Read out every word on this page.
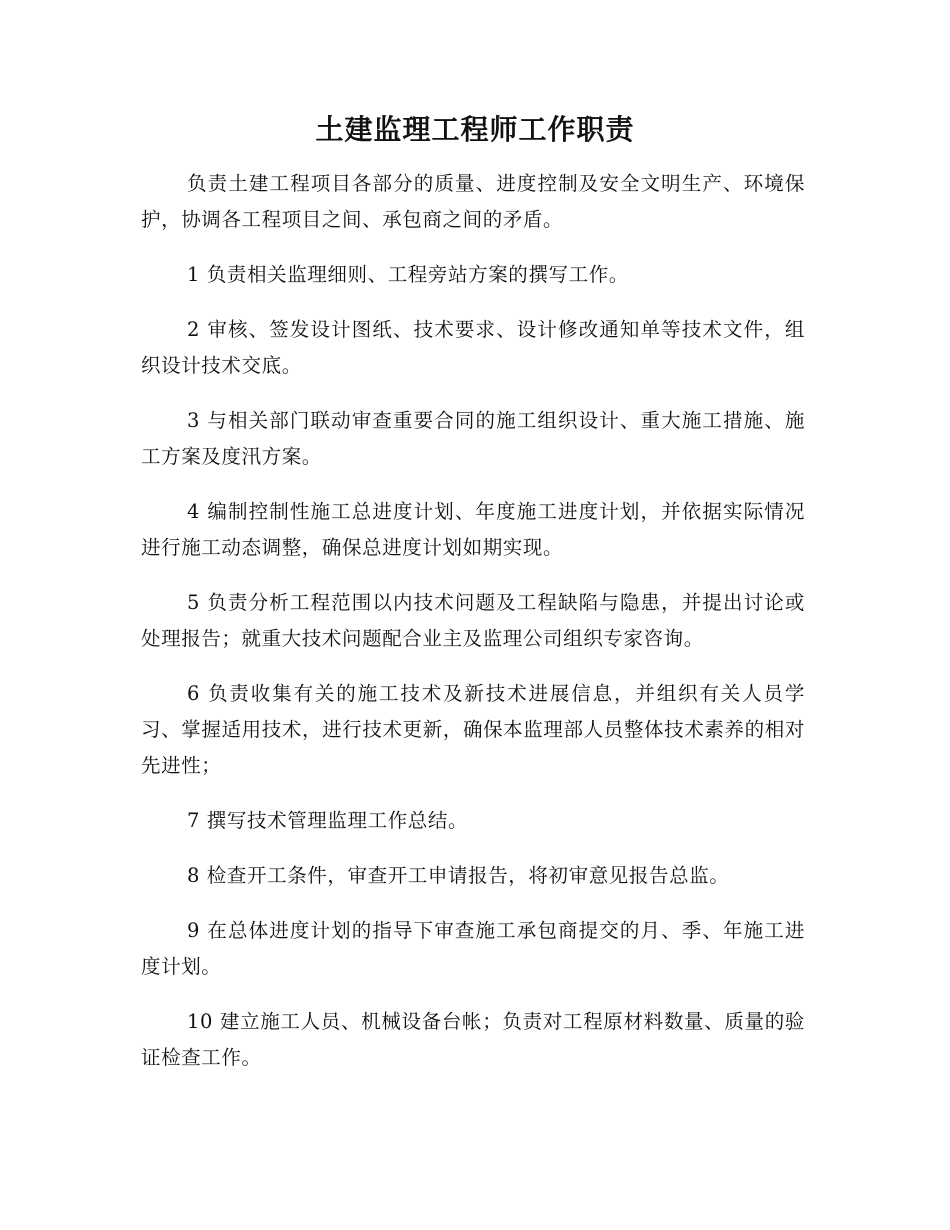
土建监理工程师工作职责

负责土建工程项目各部分的质量、进度控制及安全文明生产、环境保护，协调各工程项目之间、承包商之间的矛盾。

1 负责相关监理细则、工程旁站方案的撰写工作。

2 审核、签发设计图纸、技术要求、设计修改通知单等技术文件，组织设计技术交底。

3 与相关部门联动审查重要合同的施工组织设计、重大施工措施、施工方案及度汛方案。

4 编制控制性施工总进度计划、年度施工进度计划，并依据实际情况进行施工动态调整，确保总进度计划如期实现。

5 负责分析工程范围以内技术问题及工程缺陷与隐患，并提出讨论或处理报告；就重大技术问题配合业主及监理公司组织专家咨询。

6 负责收集有关的施工技术及新技术进展信息，并组织有关人员学习、掌握适用技术，进行技术更新，确保本监理部人员整体技术素养的相对先进性；

7 撰写技术管理监理工作总结。

8 检查开工条件，审查开工申请报告，将初审意见报告总监。

9 在总体进度计划的指导下审查施工承包商提交的月、季、年施工进度计划。

10 建立施工人员、机械设备台帐；负责对工程原材料数量、质量的验证检查工作。
